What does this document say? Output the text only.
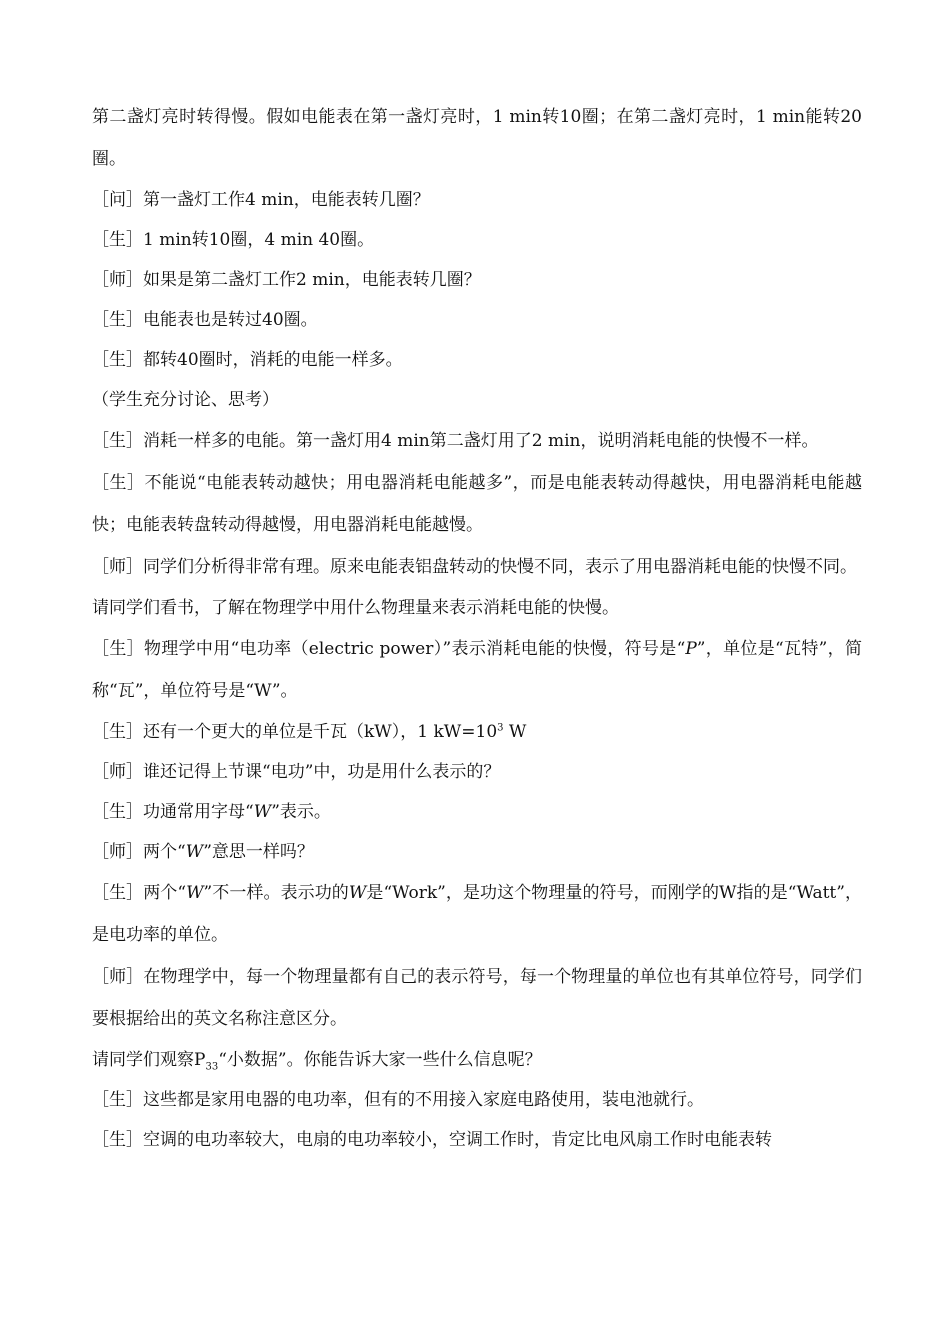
第二盏灯亮时转得慢。假如电能表在第一盏灯亮时，1 min转10圈；在第二盏灯亮时，1 min能转20圈。

［问］第一盏灯工作4 min，电能表转几圈？

［生］1 min转10圈，4 min 40圈。

［师］如果是第二盏灯工作2 min，电能表转几圈？

［生］电能表也是转过40圈。

［生］都转40圈时，消耗的电能一样多。

（学生充分讨论、思考）

［生］消耗一样多的电能。第一盏灯用4 min第二盏灯用了2 min，说明消耗电能的快慢不一样。

［生］不能说“电能表转动越快；用电器消耗电能越多”，而是电能表转动得越快，用电器消耗电能越快；电能表转盘转动得越慢，用电器消耗电能越慢。

［师］同学们分析得非常有理。原来电能表铝盘转动的快慢不同，表示了用电器消耗电能的快慢不同。

请同学们看书，了解在物理学中用什么物理量来表示消耗电能的快慢。

［生］物理学中用“电功率（electric power）”表示消耗电能的快慢，符号是“P”，单位是“瓦特”，简称“瓦”，单位符号是“W”。

［生］还有一个更大的单位是千瓦（kW），1 $kW=10^3$ W

［师］谁还记得上节课“电功”中，功是用什么表示的？

［生］功通常用字母“W”表示。

［师］两个“W”意思一样吗？

［生］两个“W”不一样。表示功的W是“Work”，是功这个物理量的符号，而刚学的W指的是“Watt”，是电功率的单位。

［师］在物理学中，每一个物理量都有自己的表示符号，每一个物理量的单位也有其单位符号，同学们要根据给出的英文名称注意区分。

请同学们观察$P_{33}“$小数据”。你能告诉大家一些什么信息呢？

［生］这些都是家用电器的电功率，但有的不用接入家庭电路使用，装电池就行。

［生］空调的电功率较大，电扇的电功率较小，空调工作时，肯定比电风扇工作时电能表转
